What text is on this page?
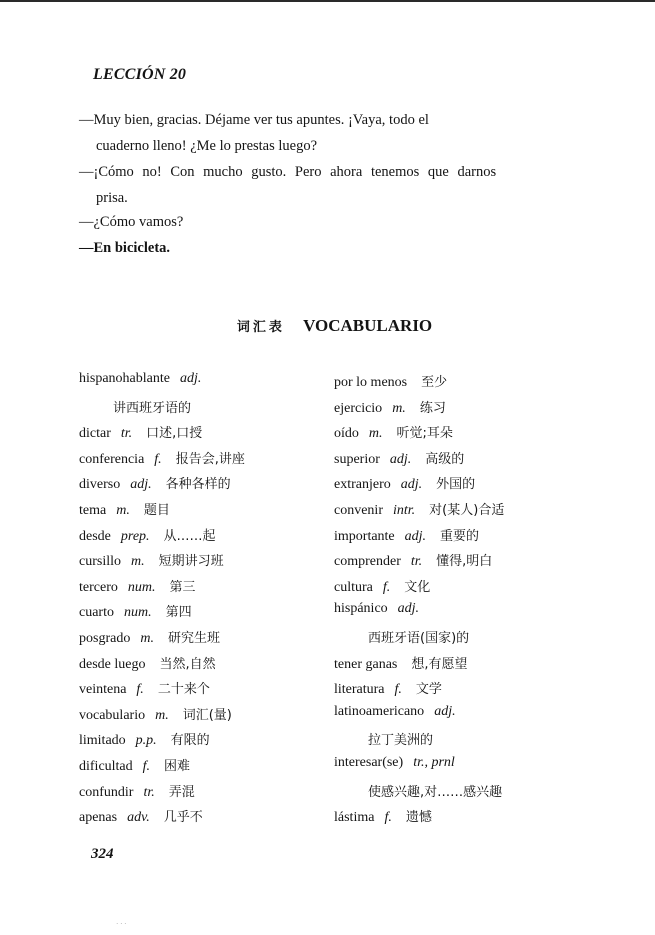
LECCIÓN 20
—Muy bien, gracias. Déjame ver tus apuntes. ¡Vaya, todo el
cuaderno lleno! ¿Me lo prestas luego?
—¡Cómo no! Con mucho gusto. Pero ahora tenemos que darnos
prisa.
—¿Cómo vamos?
—En bicicleta.
词汇表 VOCABULARIO
hispanohablante adj.
讲西班牙语的
dictar tr. 口述,口授
conferencia f. 报告会,讲座
diverso adj. 各种各样的
tema m. 题目
desde prep. 从……起
cursillo m. 短期讲习班
tercero num. 第三
cuarto num. 第四
posgrado m. 研究生班
desde luego 当然,自然
veintena f. 二十来个
vocabulario m. 词汇(量)
limitado p.p. 有限的
dificultad f. 困难
confundir tr. 弄混
apenas adv. 几乎不
por lo menos 至少
ejercicio m. 练习
oído m. 听觉;耳朵
superior adj. 高级的
extranjero adj. 外国的
convenir intr. 对(某人)合适
importante adj. 重要的
comprender tr. 懂得,明白
cultura f. 文化
hispánico adj.
西班牙语(国家)的
tener ganas 想,有愿望
literatura f. 文学
latinoamericano adj.
拉丁美洲的
interesar(se) tr., prnl
使感兴趣,对……感兴趣
lástima f. 遗憾
324
· · ·
